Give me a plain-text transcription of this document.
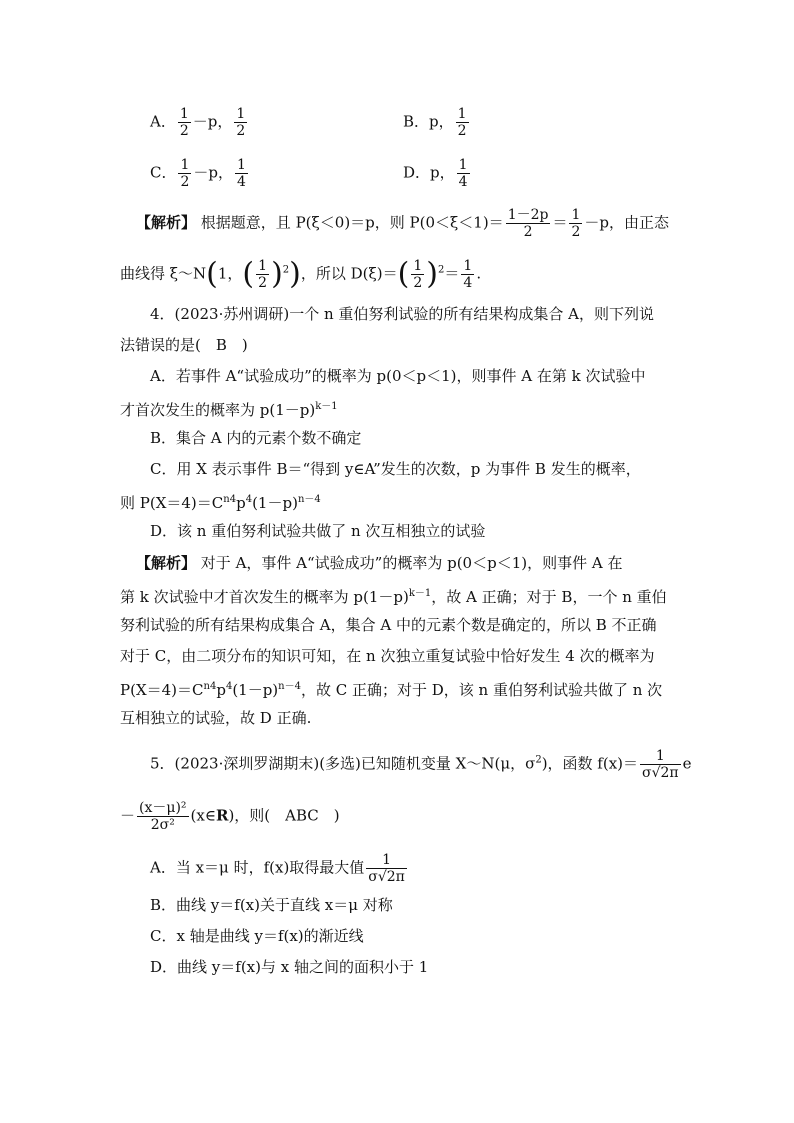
A． $\frac{1}{2} -p$， $\frac{1}{2}$	B．p， $\frac{1}{2}$
C． $\frac{1}{2} -p$， $\frac{1}{4}$	D．p， $\frac{1}{4}$
【解析】 根据题意，且 P(ξ＜0)＝p，则 $P(0<\xi<1)= \frac{1-2p}{2} = \frac{1}{2} -p$，由正态
曲线得 ξ～N(1，( $\frac{1}{2} )^2$)，所以 $D(\xi)=( \frac{1}{2} )^2= \frac{1}{4}$ .
4．(2023·苏州调研)一个 n 重伯努利试验的所有结果构成集合 A，则下列说
法错误的是(　B　)
A．若事件 A“试验成功”的概率为 p(0＜p＜1)，则事件 A 在第 k 次试验中
才首次发生的概率为 $p(1-p)^{k-1}$
B．集合 A 内的元素个数不确定
C．用 X 表示事件 B＝“得到 y∈A”发生的次数，p 为事件 B 发生的概率，
则 $P(X=4)=C^{n4}p^4(1-p)^{n-4}$
D．该 n 重伯努利试验共做了 n 次互相独立的试验
【解析】 对于 A，事件 A“试验成功”的概率为 p(0＜p＜1)，则事件 A 在
第 k 次试验中才首次发生的概率为 $p(1-p)^{k-1}$，故 A 正确；对于 B，一个 n 重伯
努利试验的所有结果构成集合 A，集合 A 中的元素个数是确定的，所以 B 不正确
对于 C，由二项分布的知识可知，在 n 次独立重复试验中恰好发生 4 次的概率为
$P(X=4)=C^{n4}p^4(1-p)^{n-4}$，故 C 正确；对于 D，该 n 重伯努利试验共做了 n 次
互相独立的试验，故 D 正确.
5．(2023·深圳罗湖期末)(多选)已知随机变量 X～N(μ，$\sigma^2$)，函数 $f(x)= \frac{1}{\sigma√2\pi}$ e
－ $\frac{\text{(x－μ)²}}{\text{2σ²}}$ (x∈R)，则(　ABC　)
A．当 x＝μ 时，f(x)取得最大值 $\frac{1}{\sigma√2\pi}$
B．曲线 y＝f(x)关于直线 x＝μ 对称
C．x 轴是曲线 y＝f(x)的渐近线
D．曲线 y＝f(x)与 x 轴之间的面积小于 1
